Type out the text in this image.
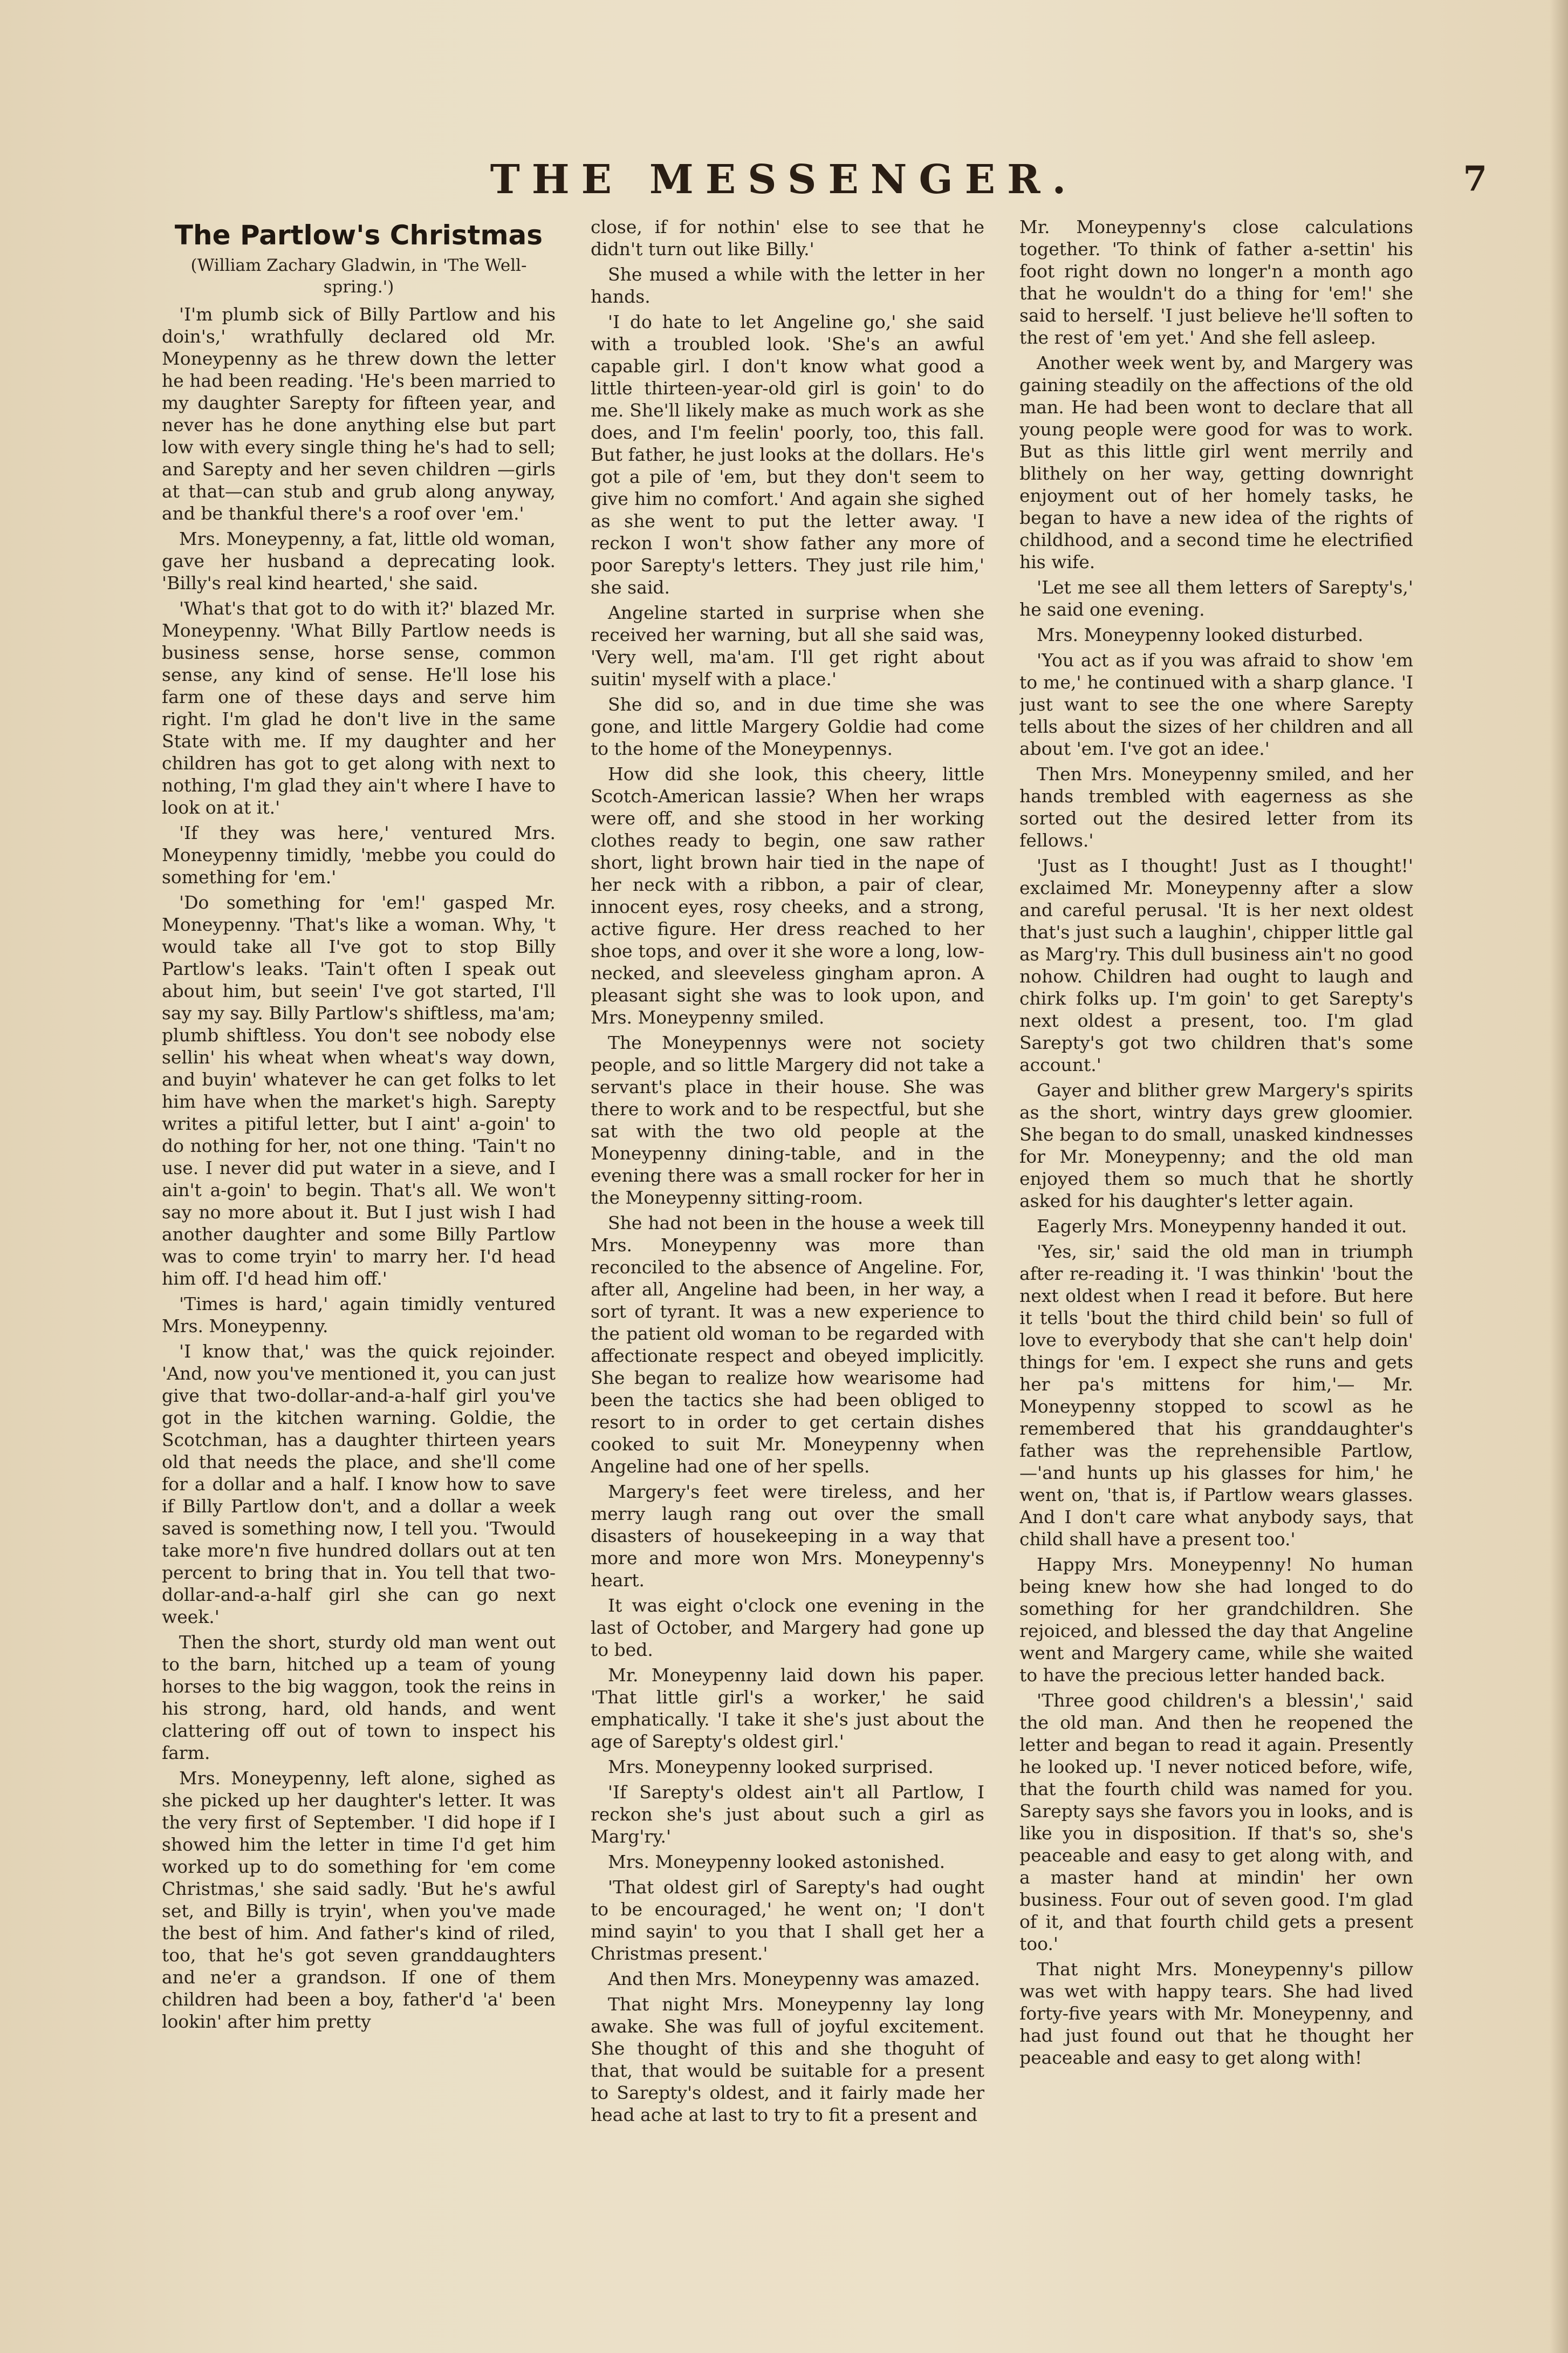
THE MESSENGER.	7
The Partlow's Christmas
(William Zachary Gladwin, in 'The Well-spring.')

'I'm plumb sick of Billy Partlow and his doin's,' wrathfully declared old Mr. Moneypenny as he threw down the letter he had been reading. 'He's been married to my daughter Sarepty for fifteen year, and never has he done anything else but part low with every single thing he's had to sell; and Sarepty and her seven children —girls at that—can stub and grub along anyway, and be thankful there's a roof over 'em.'

Mrs. Moneypenny, a fat, little old woman, gave her husband a deprecating look. 'Billy's real kind hearted,' she said.

'What's that got to do with it?' blazed Mr. Moneypenny. 'What Billy Partlow needs is business sense, horse sense, common sense, any kind of sense. He'll lose his farm one of these days and serve him right. I'm glad he don't live in the same State with me. If my daughter and her children has got to get along with next to nothing, I'm glad they ain't where I have to look on at it.'

'If they was here,' ventured Mrs. Moneypenny timidly, 'mebbe you could do something for 'em.'

'Do something for 'em!' gasped Mr. Moneypenny. 'That's like a woman. Why, 't would take all I've got to stop Billy Partlow's leaks. 'Tain't often I speak out about him, but seein' I've got started, I'll say my say. Billy Partlow's shiftless, ma'am; plumb shiftless. You don't see nobody else sellin' his wheat when wheat's way down, and buyin' whatever he can get folks to let him have when the market's high. Sarepty writes a pitiful letter, but I aint' a-goin' to do nothing for her, not one thing. 'Tain't no use. I never did put water in a sieve, and I ain't a-goin' to begin. That's all. We won't say no more about it. But I just wish I had another daughter and some Billy Partlow was to come tryin' to marry her. I'd head him off. I'd head him off.'

'Times is hard,' again timidly ventured Mrs. Moneypenny.

'I know that,' was the quick rejoinder. 'And, now you've mentioned it, you can just give that two-dollar-and-a-half girl you've got in the kitchen warning. Goldie, the Scotchman, has a daughter thirteen years old that needs the place, and she'll come for a dollar and a half. I know how to save if Billy Partlow don't, and a dollar a week saved is something now, I tell you. 'Twould take more'n five hundred dollars out at ten percent to bring that in. You tell that two-dollar-and-a-half girl she can go next week.'

Then the short, sturdy old man went out to the barn, hitched up a team of young horses to the big waggon, took the reins in his strong, hard, old hands, and went clattering off out of town to inspect his farm.

Mrs. Moneypenny, left alone, sighed as she picked up her daughter's letter. It was the very first of September. 'I did hope if I showed him the letter in time I'd get him worked up to do something for 'em come Christmas,' she said sadly. 'But he's awful set, and Billy is tryin', when you've made the best of him. And father's kind of riled, too, that he's got seven granddaughters and ne'er a grandson. If one of them children had been a boy, father'd 'a' been lookin' after him pretty

close, if for nothin' else to see that he didn't turn out like Billy.'

She mused a while with the letter in her hands.

'I do hate to let Angeline go,' she said with a troubled look. 'She's an awful capable girl. I don't know what good a little thirteen-year-old girl is goin' to do me. She'll likely make as much work as she does, and I'm feelin' poorly, too, this fall. But father, he just looks at the dollars. He's got a pile of 'em, but they don't seem to give him no comfort.' And again she sighed as she went to put the letter away. 'I reckon I won't show father any more of poor Sarepty's letters. They just rile him,' she said.

Angeline started in surprise when she received her warning, but all she said was, 'Very well, ma'am. I'll get right about suitin' myself with a place.'

She did so, and in due time she was gone, and little Margery Goldie had come to the home of the Moneypennys.

How did she look, this cheery, little Scotch-American lassie? When her wraps were off, and she stood in her working clothes ready to begin, one saw rather short, light brown hair tied in the nape of her neck with a ribbon, a pair of clear, innocent eyes, rosy cheeks, and a strong, active figure. Her dress reached to her shoe tops, and over it she wore a long, low-necked, and sleeveless gingham apron. A pleasant sight she was to look upon, and Mrs. Moneypenny smiled.

The Moneypennys were not society people, and so little Margery did not take a servant's place in their house. She was there to work and to be respectful, but she sat with the two old people at the Moneypenny dining-table, and in the evening there was a small rocker for her in the Moneypenny sitting-room.

She had not been in the house a week till Mrs. Moneypenny was more than reconciled to the absence of Angeline. For, after all, Angeline had been, in her way, a sort of tyrant. It was a new experience to the patient old woman to be regarded with affectionate respect and obeyed implicitly. She began to realize how wearisome had been the tactics she had been obliged to resort to in order to get certain dishes cooked to suit Mr. Moneypenny when Angeline had one of her spells.

Margery's feet were tireless, and her merry laugh rang out over the small disasters of housekeeping in a way that more and more won Mrs. Moneypenny's heart.

It was eight o'clock one evening in the last of October, and Margery had gone up to bed.

Mr. Moneypenny laid down his paper. 'That little girl's a worker,' he said emphatically. 'I take it she's just about the age of Sarepty's oldest girl.'

Mrs. Moneypenny looked surprised.

'If Sarepty's oldest ain't all Partlow, I reckon she's just about such a girl as Marg'ry.'

Mrs. Moneypenny looked astonished.

'That oldest girl of Sarepty's had ought to be encouraged,' he went on; 'I don't mind sayin' to you that I shall get her a Christmas present.'

And then Mrs. Moneypenny was amazed.

That night Mrs. Moneypenny lay long awake. She was full of joyful excitement. She thought of this and she thoguht of that, that would be suitable for a present to Sarepty's oldest, and it fairly made her head ache at last to try to fit a present and

Mr. Moneypenny's close calculations together. 'To think of father a-settin' his foot right down no longer'n a month ago that he wouldn't do a thing for 'em!' she said to herself. 'I just believe he'll soften to the rest of 'em yet.' And she fell asleep.

Another week went by, and Margery was gaining steadily on the affections of the old man. He had been wont to declare that all young people were good for was to work. But as this little girl went merrily and blithely on her way, getting downright enjoyment out of her homely tasks, he began to have a new idea of the rights of childhood, and a second time he electrified his wife.

'Let me see all them letters of Sarepty's,' he said one evening.

Mrs. Moneypenny looked disturbed.

'You act as if you was afraid to show 'em to me,' he continued with a sharp glance. 'I just want to see the one where Sarepty tells about the sizes of her children and all about 'em. I've got an idee.'

Then Mrs. Moneypenny smiled, and her hands trembled with eagerness as she sorted out the desired letter from its fellows.'

'Just as I thought! Just as I thought!' exclaimed Mr. Moneypenny after a slow and careful perusal. 'It is her next oldest that's just such a laughin', chipper little gal as Marg'ry. This dull business ain't no good nohow. Children had ought to laugh and chirk folks up. I'm goin' to get Sarepty's next oldest a present, too. I'm glad Sarepty's got two children that's some account.'

Gayer and blither grew Margery's spirits as the short, wintry days grew gloomier. She began to do small, unasked kindnesses for Mr. Moneypenny; and the old man enjoyed them so much that he shortly asked for his daughter's letter again.

Eagerly Mrs. Moneypenny handed it out.

'Yes, sir,' said the old man in triumph after re-reading it. 'I was thinkin' 'bout the next oldest when I read it before. But here it tells 'bout the third child bein' so full of love to everybody that she can't help doin' things for 'em. I expect she runs and gets her pa's mittens for him,'— Mr. Moneypenny stopped to scowl as he remembered that his granddaughter's father was the reprehensible Partlow,—'and hunts up his glasses for him,' he went on, 'that is, if Partlow wears glasses. And I don't care what anybody says, that child shall have a present too.'

Happy Mrs. Moneypenny! No human being knew how she had longed to do something for her grandchildren. She rejoiced, and blessed the day that Angeline went and Margery came, while she waited to have the precious letter handed back.

'Three good children's a blessin',' said the old man. And then he reopened the letter and began to read it again. Presently he looked up. 'I never noticed before, wife, that the fourth child was named for you. Sarepty says she favors you in looks, and is like you in disposition. If that's so, she's peaceable and easy to get along with, and a master hand at mindin' her own business. Four out of seven good. I'm glad of it, and that fourth child gets a present too.'

That night Mrs. Moneypenny's pillow was wet with happy tears. She had lived forty-five years with Mr. Moneypenny, and had just found out that he thought her peaceable and easy to get along with!
